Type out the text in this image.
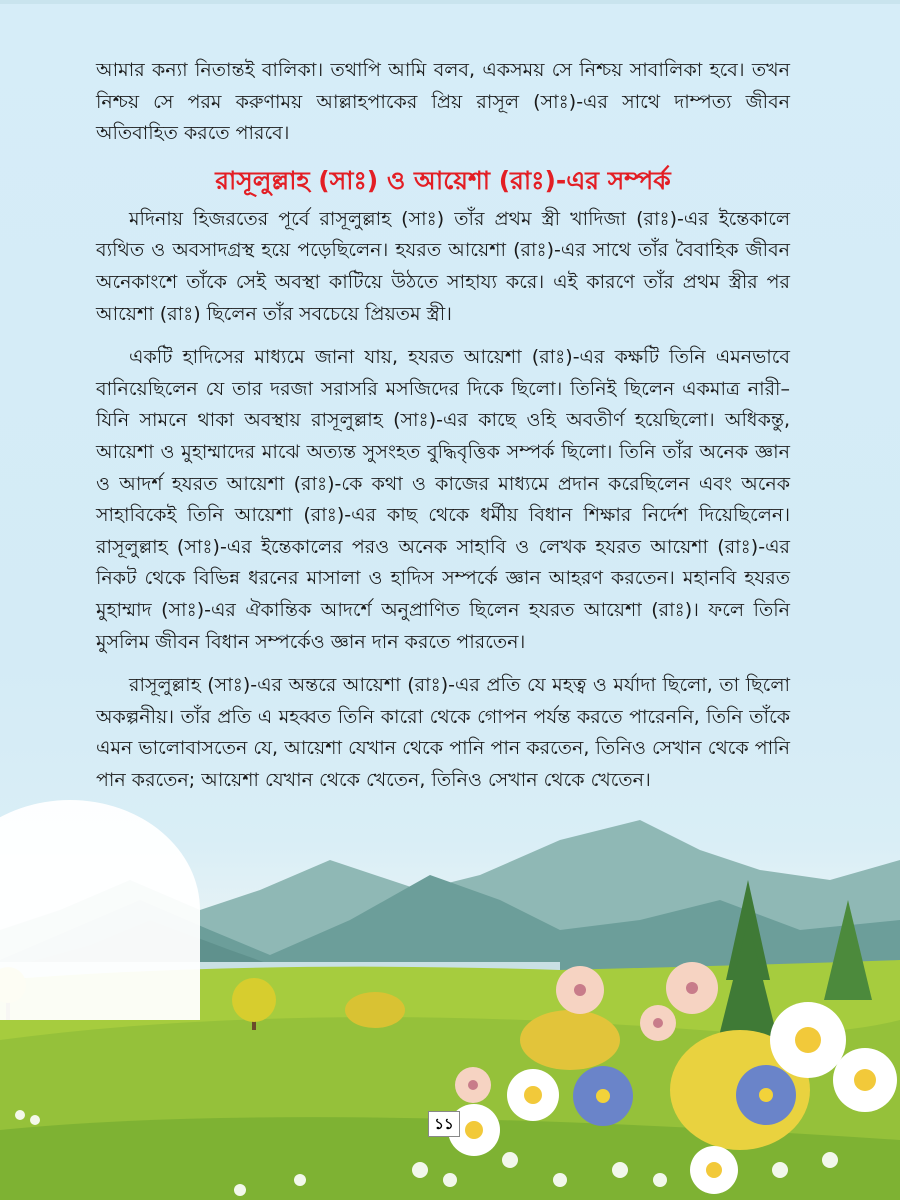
আমার কন্যা নিতান্তই বালিকা। তথাপি আমি বলব, একসময় সে নিশ্চয় সাবালিকা হবে। তখন নিশ্চয় সে পরম করুণাময় আল্লাহপাকের প্রিয় রাসূল (সাঃ)-এর সাথে দাম্পত্য জীবন অতিবাহিত করতে পারবে।

রাসূলুল্লাহ (সাঃ) ও আয়েশা (রাঃ)-এর সম্পর্ক

মদিনায় হিজরতের পূর্বে রাসূলুল্লাহ (সাঃ) তাঁর প্রথম স্ত্রী খাদিজা (রাঃ)-এর ইন্তেকালে ব্যথিত ও অবসাদগ্রস্থ হয়ে পড়েছিলেন। হযরত আয়েশা (রাঃ)-এর সাথে তাঁর বৈবাহিক জীবন অনেকাংশে তাঁকে সেই অবস্থা কাটিয়ে উঠতে সাহায্য করে। এই কারণে তাঁর প্রথম স্ত্রীর পর আয়েশা (রাঃ) ছিলেন তাঁর সবচেয়ে প্রিয়তম স্ত্রী।

একটি হাদিসের মাধ্যমে জানা যায়, হযরত আয়েশা (রাঃ)-এর কক্ষটি তিনি এমনভাবে বানিয়েছিলেন যে তার দরজা সরাসরি মসজিদের দিকে ছিলো। তিনিই ছিলেন একমাত্র নারী– যিনি সামনে থাকা অবস্থায় রাসূলুল্লাহ (সাঃ)-এর কাছে ওহি অবতীর্ণ হয়েছিলো। অধিকন্তু, আয়েশা ও মুহাম্মাদের মাঝে অত্যন্ত সুসংহত বুদ্ধিবৃত্তিক সম্পর্ক ছিলো। তিনি তাঁর অনেক জ্ঞান ও আদর্শ হযরত আয়েশা (রাঃ)-কে কথা ও কাজের মাধ্যমে প্রদান করেছিলেন এবং অনেক সাহাবিকেই তিনি আয়েশা (রাঃ)-এর কাছ থেকে ধর্মীয় বিধান শিক্ষার নির্দেশ দিয়েছিলেন। রাসূলুল্লাহ (সাঃ)-এর ইন্তেকালের পরও অনেক সাহাবি ও লেখক হযরত আয়েশা (রাঃ)-এর নিকট থেকে বিভিন্ন ধরনের মাসালা ও হাদিস সম্পর্কে জ্ঞান আহরণ করতেন। মহানবি হযরত মুহাম্মাদ (সাঃ)-এর ঐকান্তিক আদর্শে অনুপ্রাণিত ছিলেন হযরত আয়েশা (রাঃ)। ফলে তিনি মুসলিম জীবন বিধান সম্পর্কেও জ্ঞান দান করতে পারতেন।

রাসূলুল্লাহ (সাঃ)-এর অন্তরে আয়েশা (রাঃ)-এর প্রতি যে মহত্ব ও মর্যাদা ছিলো, তা ছিলো অকল্পনীয়। তাঁর প্রতি এ মহব্বত তিনি কারো থেকে গোপন পর্যন্ত করতে পারেননি, তিনি তাঁকে এমন ভালোবাসতেন যে, আয়েশা যেখান থেকে পানি পান করতেন, তিনিও সেখান থেকে পানি পান করতেন; আয়েশা যেখান থেকে খেতেন, তিনিও সেখান থেকে খেতেন।

১১
